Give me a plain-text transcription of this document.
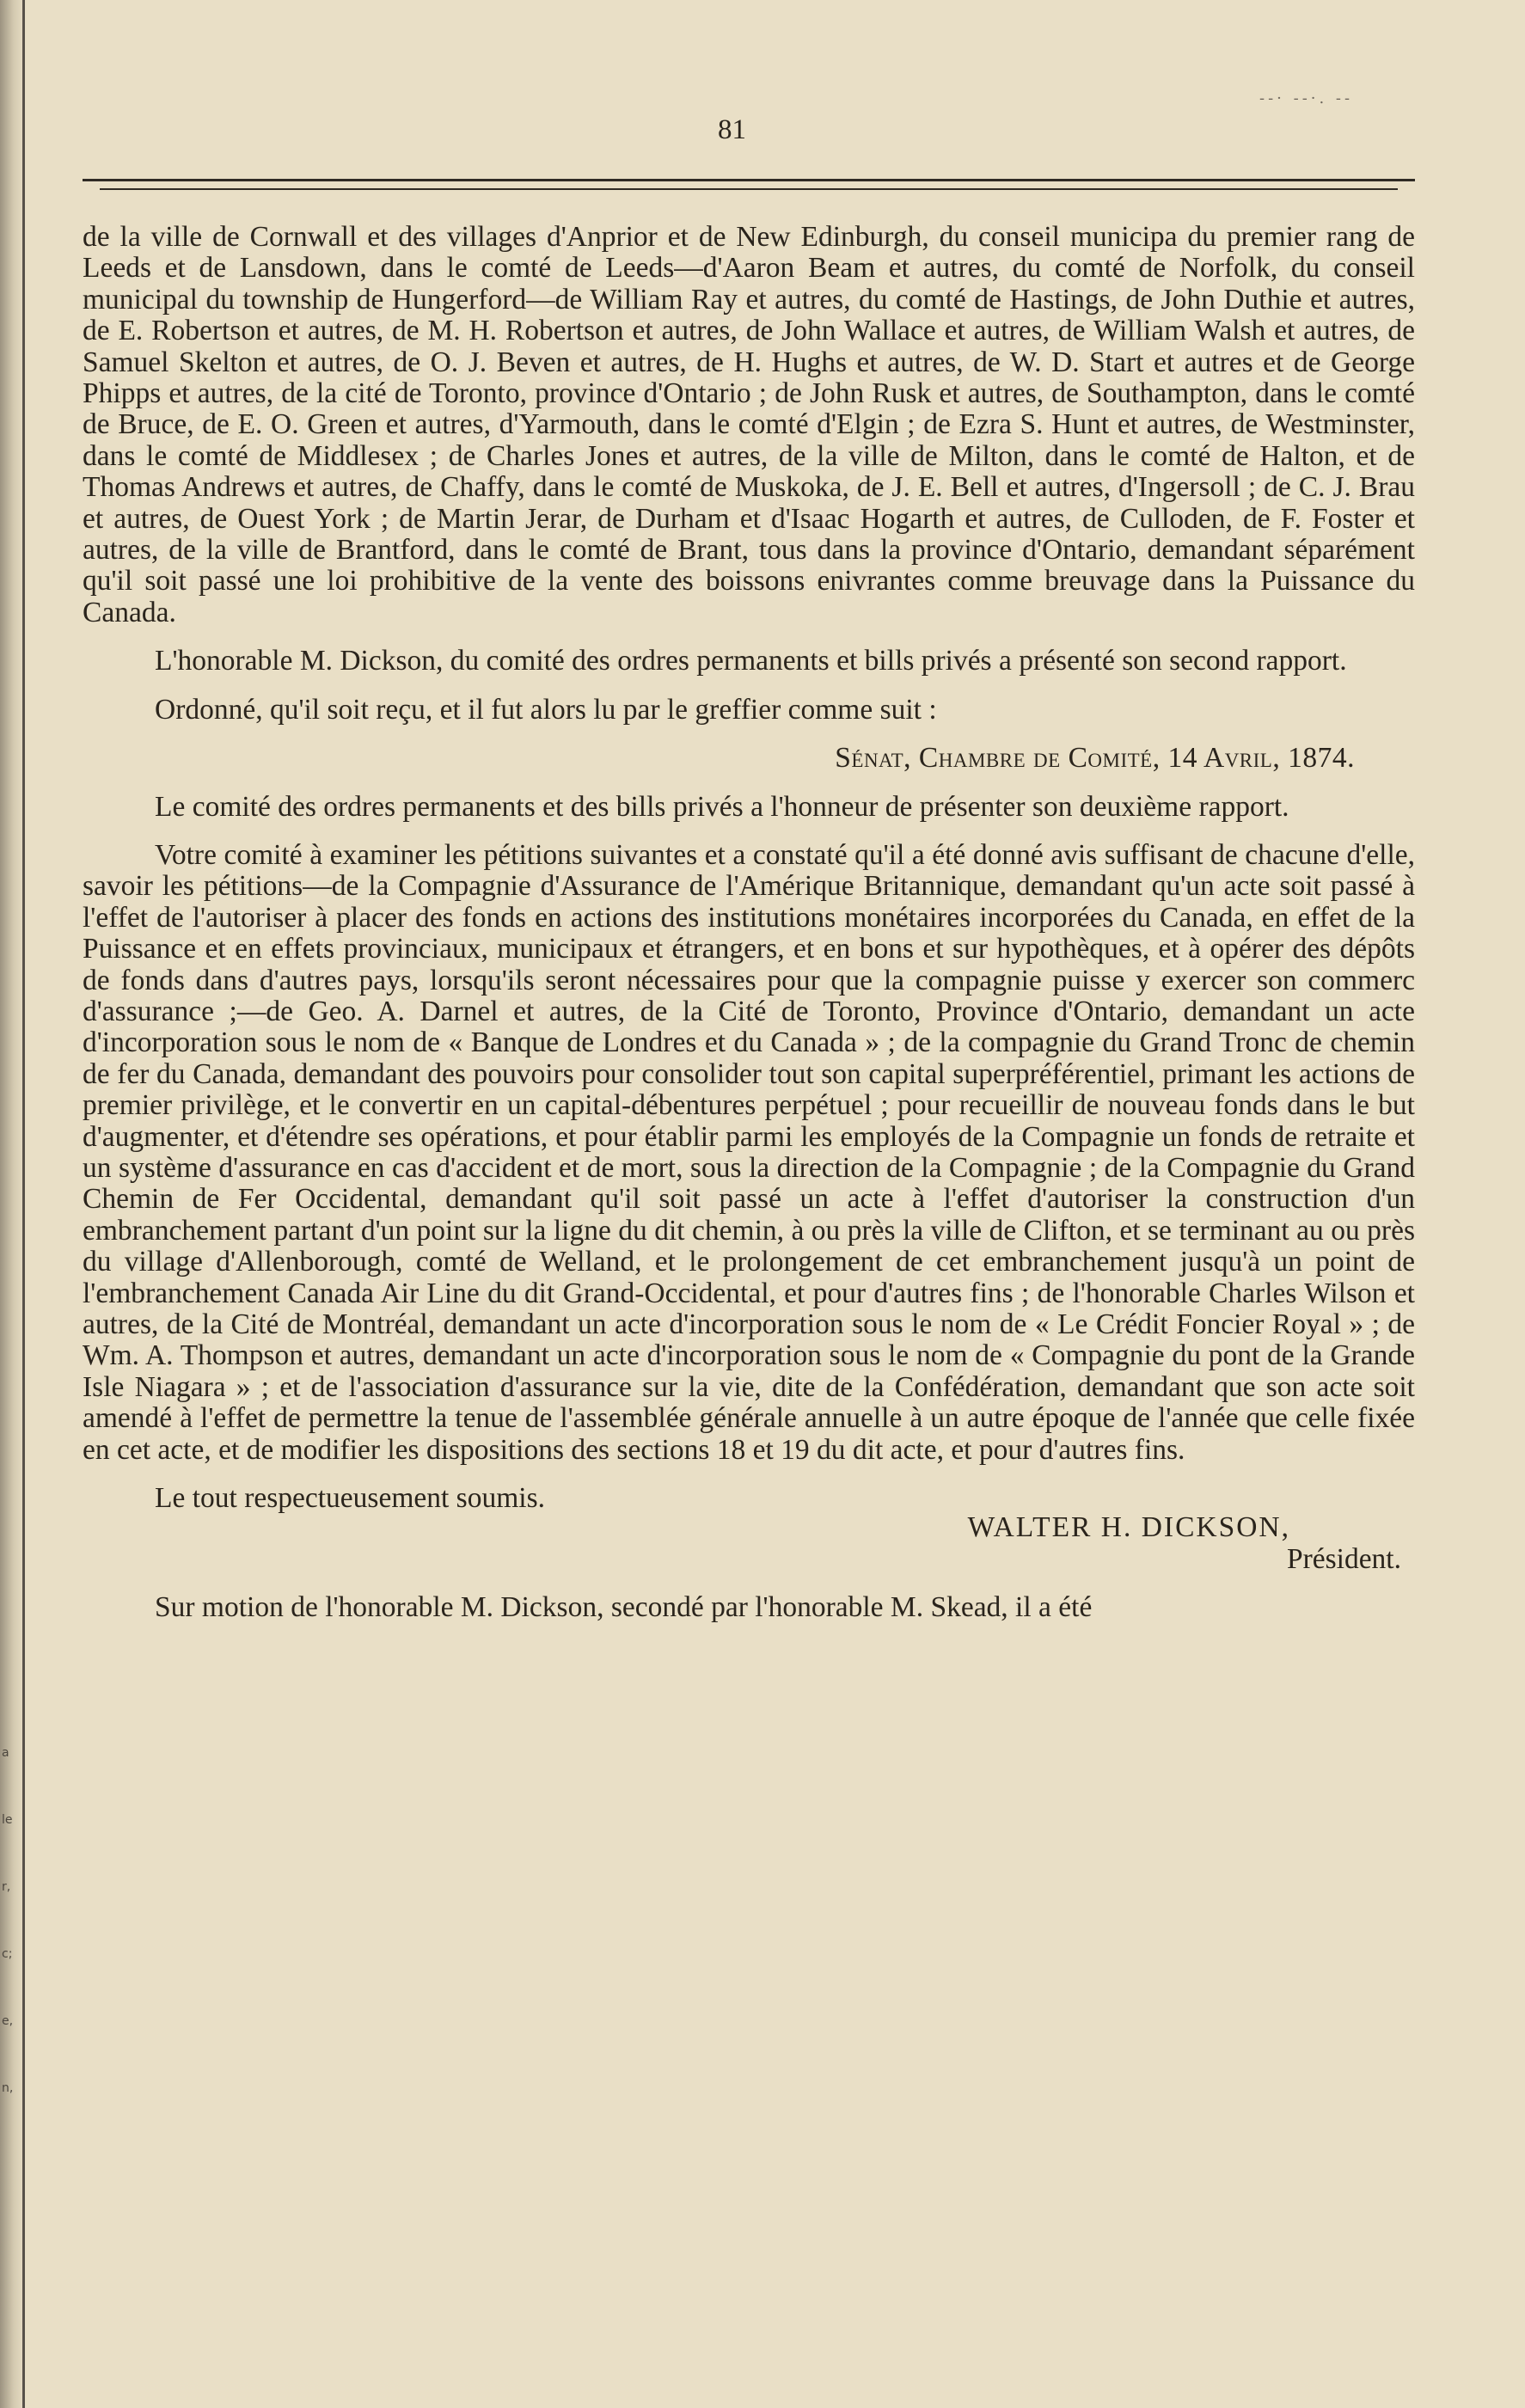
a
le
r,
c;
e,
n,
81
‐‐· ‐‐·. ‐‐

de la ville de Cornwall et des villages d'Anprior et de New Edinburgh, du conseil municipa du premier rang de Leeds et de Lansdown, dans le comté de Leeds—d'Aaron Beam et autres, du comté de Norfolk, du conseil municipal du township de Hungerford—de William Ray et autres, du comté de Hastings, de John Duthie et autres, de E. Robertson et autres, de M. H. Robertson et autres, de John Wallace et autres, de William Walsh et autres, de Samuel Skelton et autres, de O. J. Beven et autres, de H. Hughs et autres, de W. D. Start et autres et de George Phipps et autres, de la cité de Toronto, province d'Ontario ; de John Rusk et autres, de Southampton, dans le comté de Bruce, de E. O. Green et autres, d'Yarmouth, dans le comté d'Elgin ; de Ezra S. Hunt et autres, de Westminster, dans le comté de Middlesex ; de Charles Jones et autres, de la ville de Milton, dans le comté de Halton, et de Thomas Andrews et autres, de Chaffy, dans le comté de Muskoka, de J. E. Bell et autres, d'Ingersoll ; de C. J. Brau et autres, de Ouest York ; de Martin Jerar, de Durham et d'Isaac Hogarth et autres, de Culloden, de F. Foster et autres, de la ville de Brantford, dans le comté de Brant, tous dans la province d'Ontario, demandant séparément qu'il soit passé une loi prohibitive de la vente des boissons enivrantes comme breuvage dans la Puissance du Canada.

L'honorable M. Dickson, du comité des ordres permanents et bills privés a présenté son second rapport.

Ordonné, qu'il soit reçu, et il fut alors lu par le greffier comme suit :

Sénat, Chambre de Comité, 14 Avril, 1874.

Le comité des ordres permanents et des bills privés a l'honneur de présenter son deuxième rapport.

Votre comité à examiner les pétitions suivantes et a constaté qu'il a été donné avis suffisant de chacune d'elle, savoir les pétitions—de la Compagnie d'Assurance de l'Amérique Britannique, demandant qu'un acte soit passé à l'effet de l'autoriser à placer des fonds en actions des institutions monétaires incorporées du Canada, en effet de la Puissance et en effets provinciaux, municipaux et étrangers, et en bons et sur hypothèques, et à opérer des dépôts de fonds dans d'autres pays, lorsqu'ils seront nécessaires pour que la compagnie puisse y exercer son commerc d'assurance ;—de Geo. A. Darnel et autres, de la Cité de Toronto, Province d'Ontario, demandant un acte d'incorporation sous le nom de « Banque de Londres et du Canada » ; de la compagnie du Grand Tronc de chemin de fer du Canada, demandant des pouvoirs pour consolider tout son capital superpréférentiel, primant les actions de premier privilège, et le convertir en un capital-débentures perpétuel ; pour recueillir de nouveau fonds dans le but d'augmenter, et d'étendre ses opérations, et pour établir parmi les employés de la Compagnie un fonds de retraite et un système d'assurance en cas d'accident et de mort, sous la direction de la Compagnie ; de la Compagnie du Grand Chemin de Fer Occidental, demandant qu'il soit passé un acte à l'effet d'autoriser la construction d'un embranchement partant d'un point sur la ligne du dit chemin, à ou près la ville de Clifton, et se terminant au ou près du village d'Allenborough, comté de Welland, et le prolongement de cet embranchement jusqu'à un point de l'embranchement Canada Air Line du dit Grand-Occidental, et pour d'autres fins ; de l'honorable Charles Wilson et autres, de la Cité de Montréal, demandant un acte d'incorporation sous le nom de « Le Crédit Foncier Royal » ; de Wm. A. Thompson et autres, demandant un acte d'incorporation sous le nom de « Compagnie du pont de la Grande Isle Niagara » ; et de l'association d'assurance sur la vie, dite de la Confédération, demandant que son acte soit amendé à l'effet de permettre la tenue de l'assemblée générale annuelle à un autre époque de l'année que celle fixée en cet acte, et de modifier les dispositions des sections 18 et 19 du dit acte, et pour d'autres fins.

Le tout respectueusement soumis.

WALTER H. DICKSON,

Président.

Sur motion de l'honorable M. Dickson, secondé par l'honorable M. Skead, il a été
